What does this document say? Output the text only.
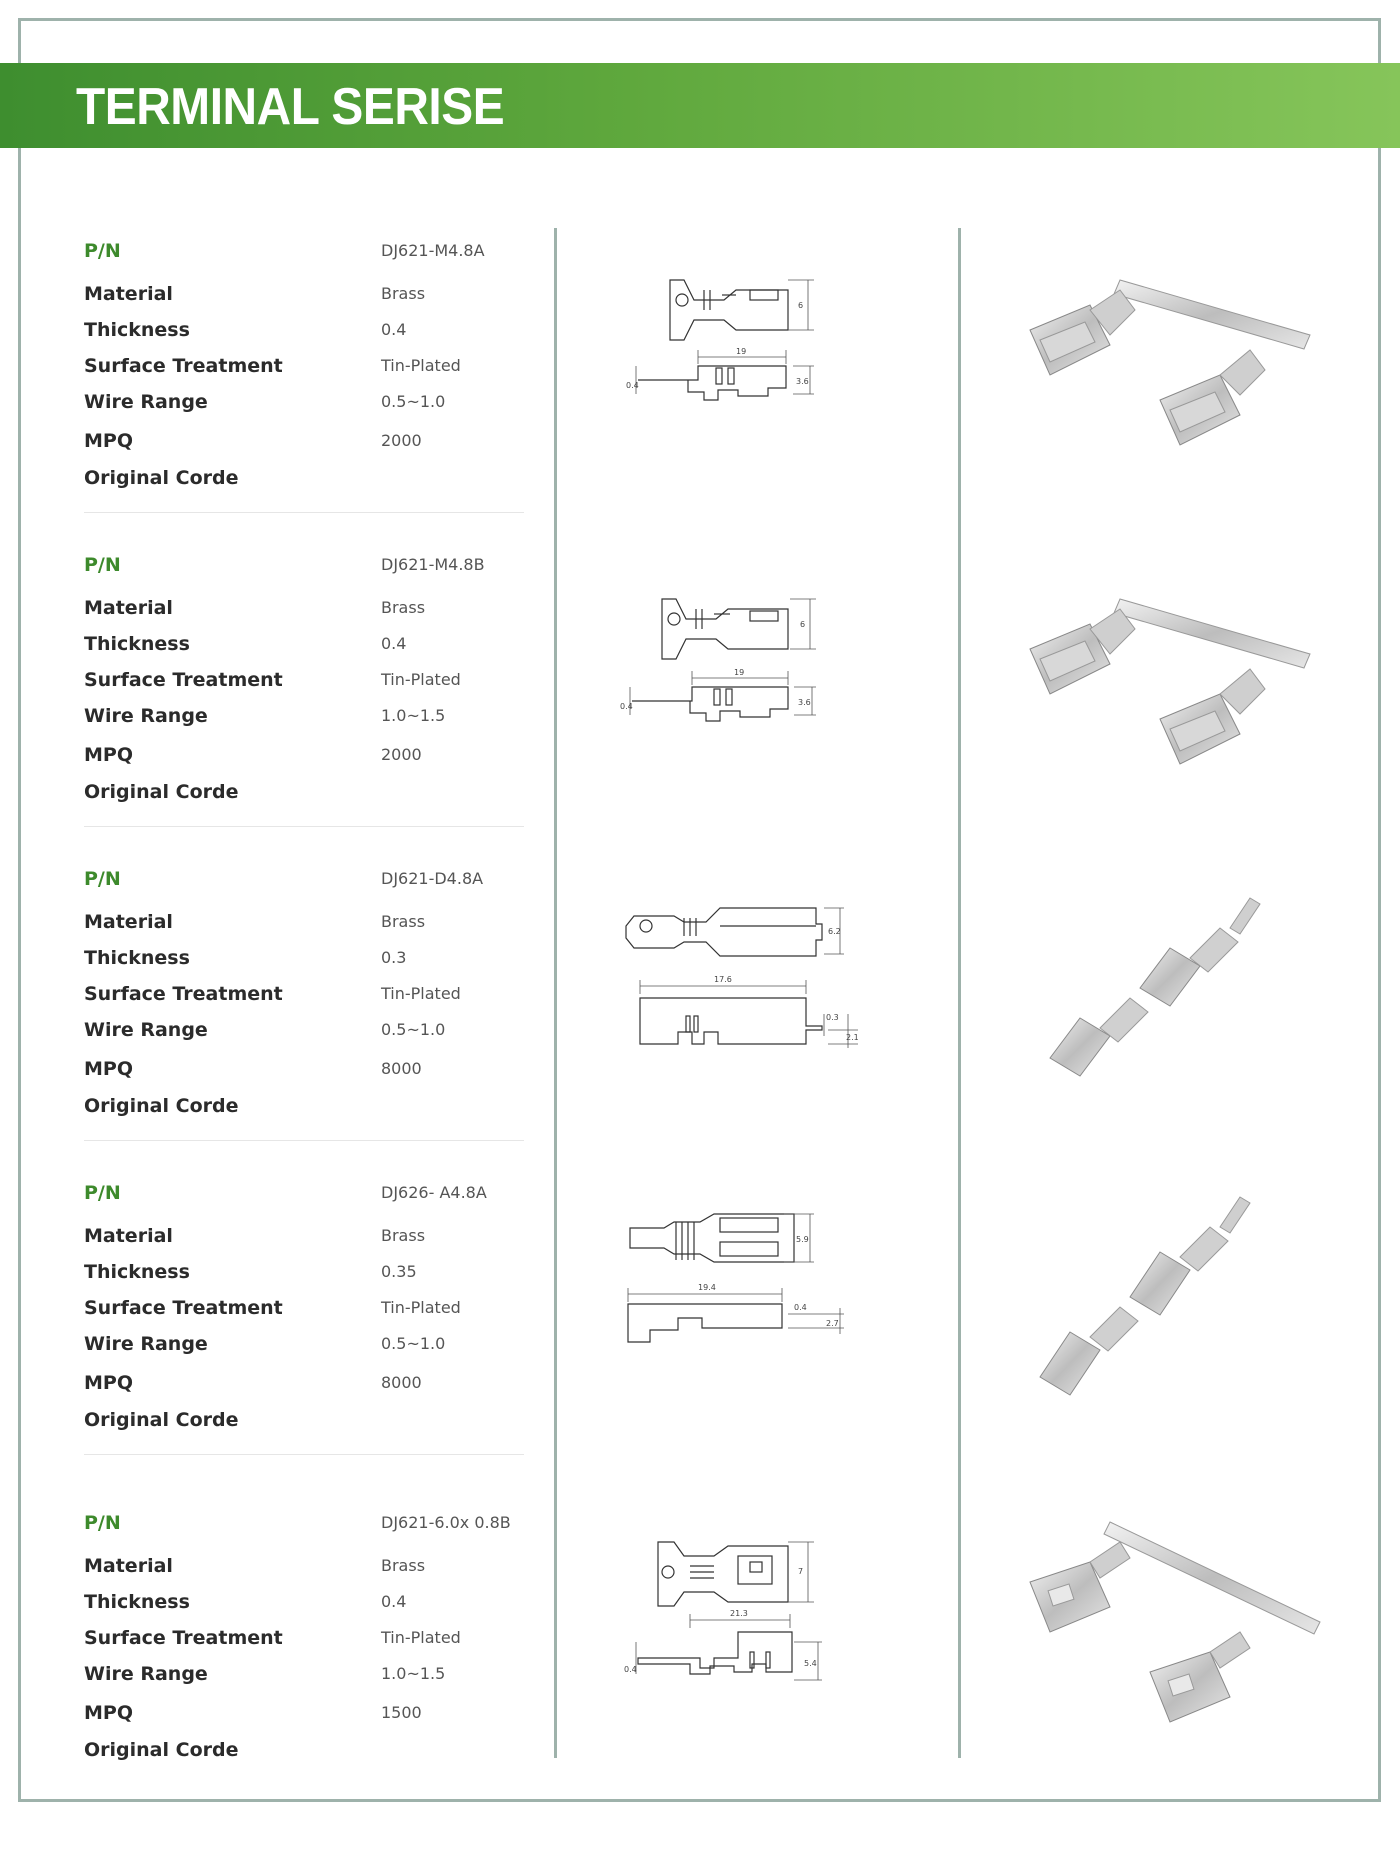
TERMINAL SERISE
P/N	DJ621-M4.8A
Material	Brass
Thickness	0.4
Surface Treatment	Tin-Plated
Wire Range	0.5~1.0
MPQ	2000
Original Corde
6
19
0.4	3.6
P/N	DJ621-M4.8B
Material	Brass
Thickness	0.4
Surface Treatment	Tin-Plated
Wire Range	1.0~1.5
MPQ	2000
Original Corde
6
19
0.4	3.6
P/N	DJ621-D4.8A
Material	Brass
Thickness	0.3
Surface Treatment	Tin-Plated
Wire Range	0.5~1.0
MPQ	8000
Original Corde
6.2
17.6
0.3
2.1
P/N	DJ626- A4.8A
Material	Brass
Thickness	0.35
Surface Treatment	Tin-Plated
Wire Range	0.5~1.0
MPQ	8000
Original Corde
5.9
19.4
0.4
2.7
P/N	DJ621-6.0x 0.8B
Material	Brass
Thickness	0.4
Surface Treatment	Tin-Plated
Wire Range	1.0~1.5
MPQ	1500
Original Corde
7
21.3
0.4
5.4
